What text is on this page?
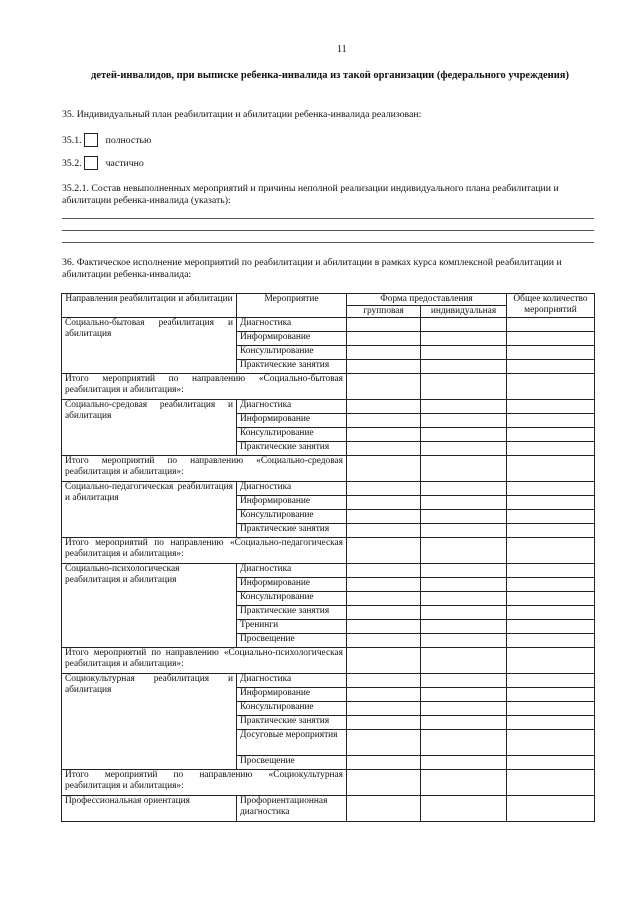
11
детей-инвалидов, при выписке ребенка-инвалида из такой организации (федерального учреждения)
35. Индивидуальный план реабилитации и абилитации ребенка-инвалида реализован:
35.1. полностью
35.2. частично
35.2.1. Состав невыполненных мероприятий и причины неполной реализации индивидуального плана реабилитации и абилитации ребенка-инвалида (указать):
36. Фактическое исполнение мероприятий по реабилитации и абилитации в рамках курса комплексной реабилитации и абилитации ребенка-инвалида:
Направления реабилитации и абилитации	Мероприятие	Форма предоставления		Общее количество мероприятий
		групповая	индивидуальная	
Социально-бытовая реабилитация и абилитация	Диагностика			
	Информирование			
	Консультирование			
	Практические занятия			
Итого мероприятий по направлению «Социально-бытовая реабилитация и абилитация»:				
Социально-средовая реабилитация и абилитация	Диагностика			
	Информирование			
	Консультирование			
	Практические занятия			
Итого мероприятий по направлению «Социально-средовая реабилитация и абилитация»:				
Социально-педагогическая реабилитация и абилитация	Диагностика			
	Информирование			
	Консультирование			
	Практические занятия			
Итого мероприятий по направлению «Социально-педагогическая реабилитация и абилитация»:				
Социально-психологическая реабилитация и абилитация	Диагностика			
	Информирование			
	Консультирование			
	Практические занятия			
	Тренинги			
	Просвещение			
Итого мероприятий по направлению «Социально-психологическая реабилитация и абилитация»:				
Социокультурная реабилитация и абилитация	Диагностика			
	Информирование			
	Консультирование			
	Практические занятия			
	Досуговые мероприятия			
	Просвещение			
Итого мероприятий по направлению «Социокультурная реабилитация и абилитация»:				
Профессиональная ориентация	Профориентационная диагностика			
